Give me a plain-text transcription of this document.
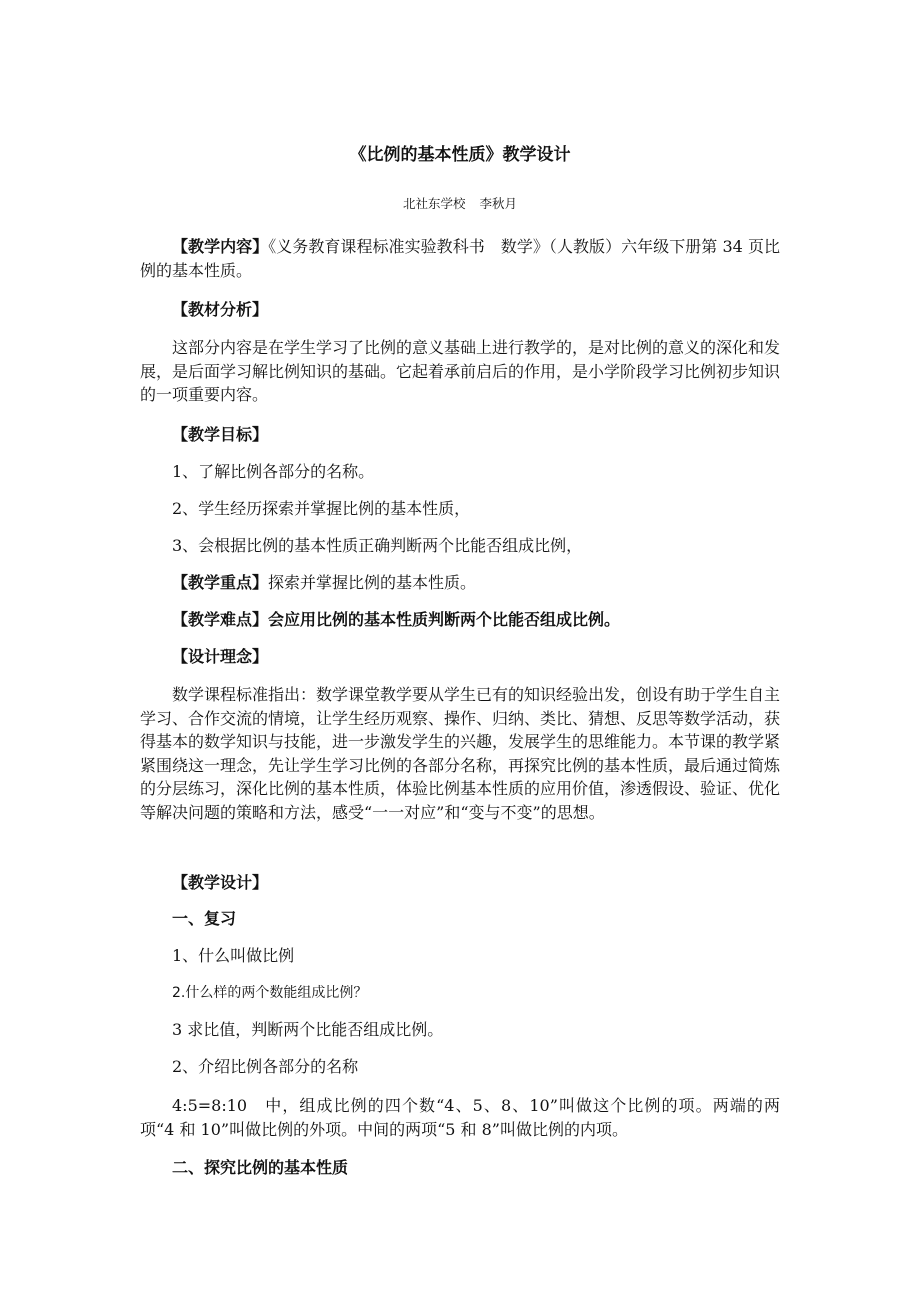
《比例的基本性质》教学设计
北社东学校 李秋月
【教学内容】《义务教育课程标准实验教科书　数学》（人教版）六年级下册第 34 页比例的基本性质。
【教材分析】
这部分内容是在学生学习了比例的意义基础上进行教学的，是对比例的意义的深化和发展，是后面学习解比例知识的基础。它起着承前启后的作用，是小学阶段学习比例初步知识的一项重要内容。
【教学目标】
1、了解比例各部分的名称。
2、学生经历探索并掌握比例的基本性质，
3、会根据比例的基本性质正确判断两个比能否组成比例，
【教学重点】探索并掌握比例的基本性质。
【教学难点】会应用比例的基本性质判断两个比能否组成比例。
【设计理念】
数学课程标准指出：数学课堂教学要从学生已有的知识经验出发，创设有助于学生自主学习、合作交流的情境，让学生经历观察、操作、归纳、类比、猜想、反思等数学活动，获得基本的数学知识与技能，进一步激发学生的兴趣，发展学生的思维能力。本节课的教学紧紧围绕这一理念，先让学生学习比例的各部分名称，再探究比例的基本性质，最后通过简炼的分层练习，深化比例的基本性质，体验比例基本性质的应用价值，渗透假设、验证、优化等解决问题的策略和方法，感受“一一对应”和“变与不变”的思想。
【教学设计】
一、复习
1、什么叫做比例
2.什么样的两个数能组成比例？
3 求比值，判断两个比能否组成比例。
2、介绍比例各部分的名称
4:5=8:10　中，组成比例的四个数“4、5、8、10”叫做这个比例的项。两端的两项“4 和 10”叫做比例的外项。中间的两项“5 和 8”叫做比例的内项。
二、探究比例的基本性质
